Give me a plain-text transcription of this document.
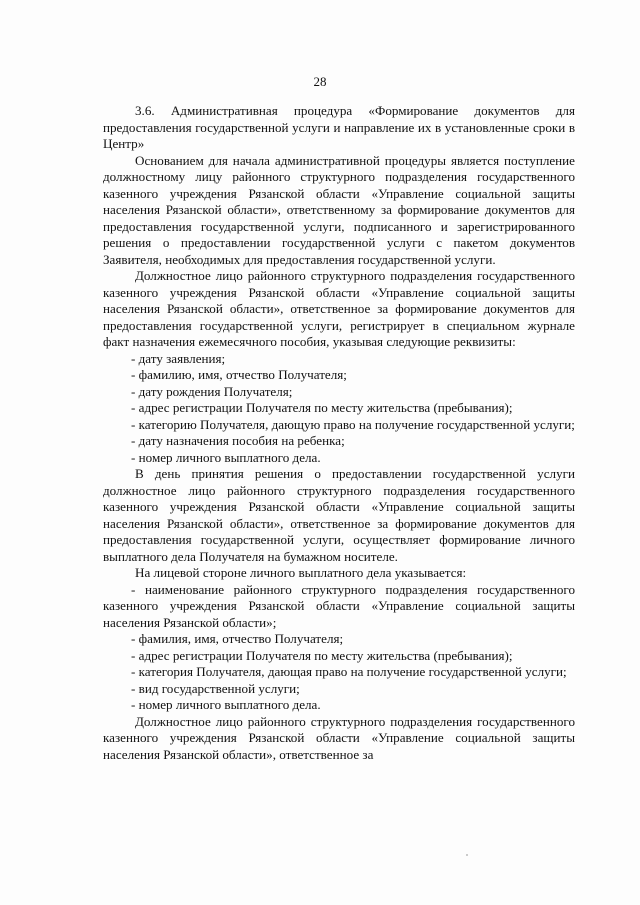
28

3.6. Административная процедура «Формирование документов для предоставления государственной услуги и направление их в установленные сроки в Центр»

Основанием для начала административной процедуры является поступление должностному лицу районного структурного подразделения государственного казенного учреждения Рязанской области «Управление социальной защиты населения Рязанской области», ответственному за формирование документов для предоставления государственной услуги, подписанного и зарегистрированного решения о предоставлении государственной услуги с пакетом документов Заявителя, необходимых для предоставления государственной услуги.

Должностное лицо районного структурного подразделения государственного казенного учреждения Рязанской области «Управление социальной защиты населения Рязанской области», ответственное за формирование документов для предоставления государственной услуги, регистрирует в специальном журнале факт назначения ежемесячного пособия, указывая следующие реквизиты:

- дату заявления;

- фамилию, имя, отчество Получателя;

- дату рождения Получателя;

- адрес регистрации Получателя по месту жительства (пребывания);

- категорию Получателя, дающую право на получение государственной услуги;

- дату назначения пособия на ребенка;

- номер личного выплатного дела.

В день принятия решения о предоставлении государственной услуги должностное лицо районного структурного подразделения государственного казенного учреждения Рязанской области «Управление социальной защиты населения Рязанской области», ответственное за формирование документов для предоставления государственной услуги, осуществляет формирование личного выплатного дела Получателя на бумажном носителе.

На лицевой стороне личного выплатного дела указывается:

- наименование районного структурного подразделения государственного казенного учреждения Рязанской области «Управление социальной защиты населения Рязанской области»;

- фамилия, имя, отчество Получателя;

- адрес регистрации Получателя по месту жительства (пребывания);

- категория Получателя, дающая право на получение государственной услуги;

- вид государственной услуги;

- номер личного выплатного дела.

Должностное лицо районного структурного подразделения государственного казенного учреждения Рязанской области «Управление социальной защиты населения Рязанской области», ответственное за
